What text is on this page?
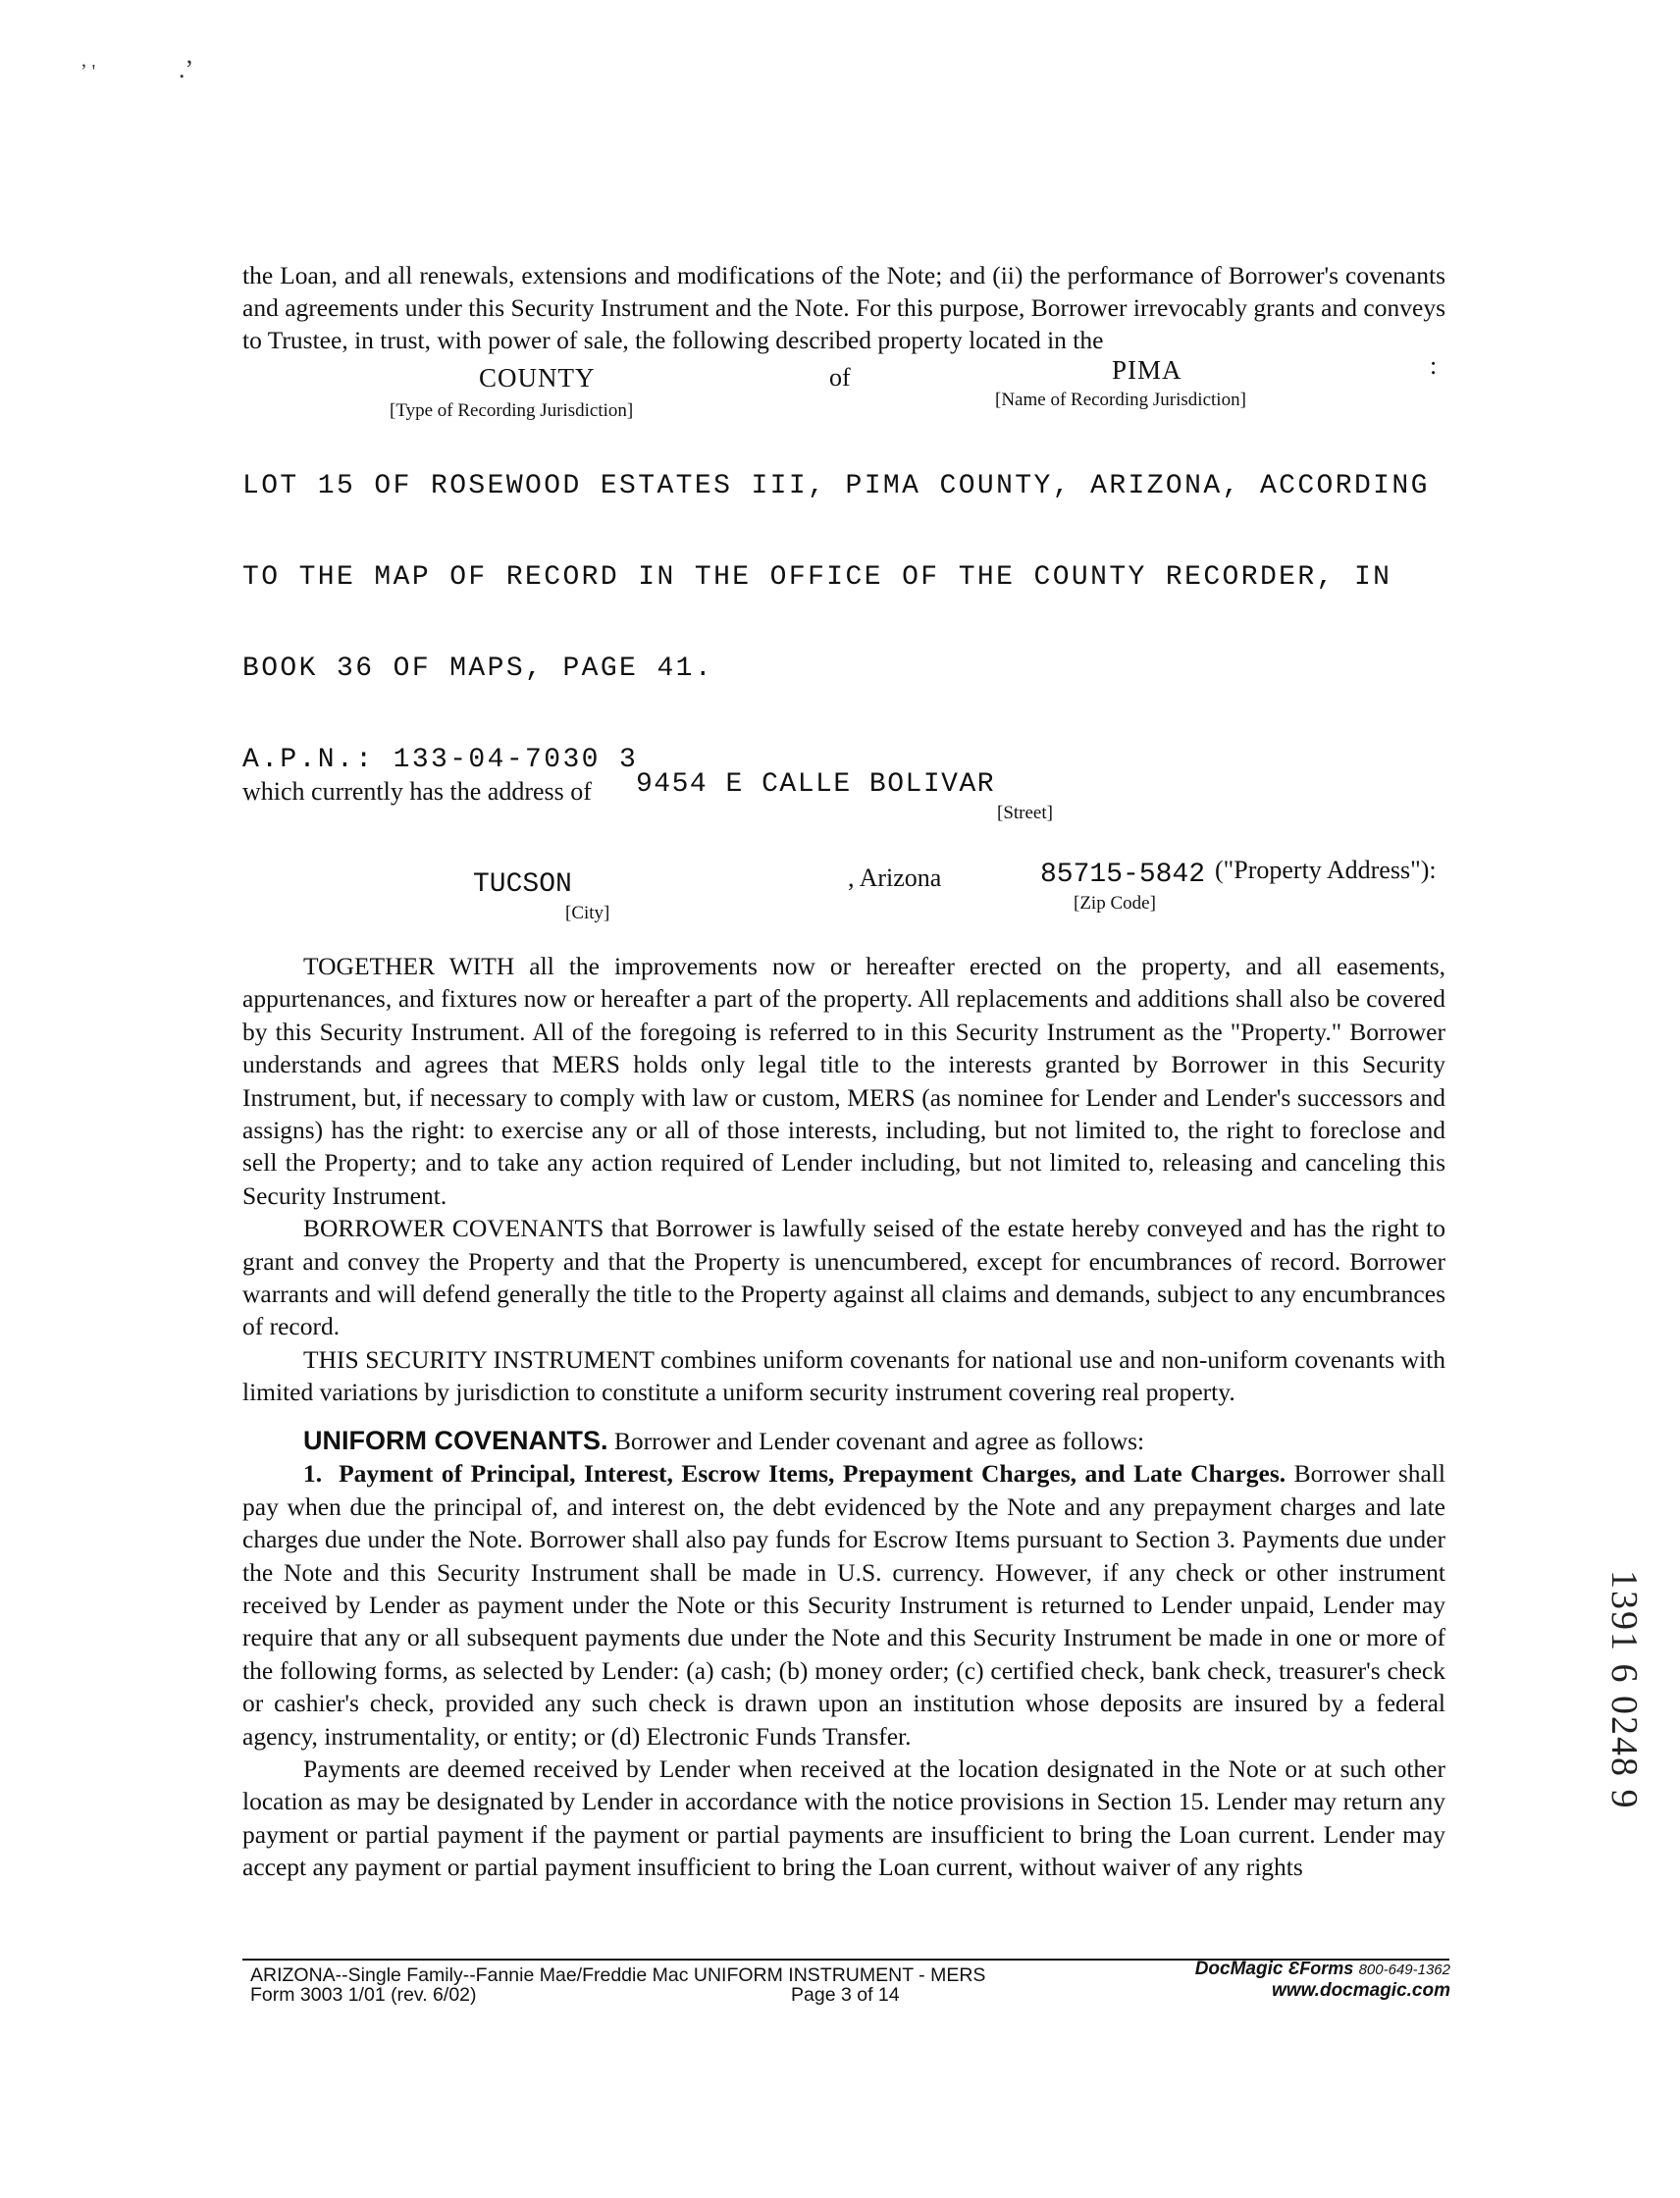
ʼ '	.ʼ

the Loan, and all renewals, extensions and modifications of the Note; and (ii) the performance of Borrower's covenants and agreements under this Security Instrument and the Note. For this purpose, Borrower irrevocably grants and conveys to Trustee, in trust, with power of sale, the following described property located in the

COUNTY	of	PIMA	:
[Type of Recording Jurisdiction]
[Name of Recording Jurisdiction]

LOT 15 OF ROSEWOOD ESTATES III, PIMA COUNTY, ARIZONA, ACCORDING

TO THE MAP OF RECORD IN THE OFFICE OF THE COUNTY RECORDER, IN

BOOK 36 OF MAPS, PAGE 41.

A.P.N.: 133-04-7030 3

which currently has the address of 9454 E CALLE BOLIVAR
[Street]
TUCSON
[City]
, Arizona	85715-5842
[Zip Code]
("Property Address"):

TOGETHER WITH all the improvements now or hereafter erected on the property, and all easements, appurtenances, and fixtures now or hereafter a part of the property. All replacements and additions shall also be covered by this Security Instrument. All of the foregoing is referred to in this Security Instrument as the "Property." Borrower understands and agrees that MERS holds only legal title to the interests granted by Borrower in this Security Instrument, but, if necessary to comply with law or custom, MERS (as nominee for Lender and Lender's successors and assigns) has the right: to exercise any or all of those interests, including, but not limited to, the right to foreclose and sell the Property; and to take any action required of Lender including, but not limited to, releasing and canceling this Security Instrument.

BORROWER COVENANTS that Borrower is lawfully seised of the estate hereby conveyed and has the right to grant and convey the Property and that the Property is unencumbered, except for encumbrances of record. Borrower warrants and will defend generally the title to the Property against all claims and demands, subject to any encumbrances of record.

THIS SECURITY INSTRUMENT combines uniform covenants for national use and non-uniform covenants with limited variations by jurisdiction to constitute a uniform security instrument covering real property.

UNIFORM COVENANTS. Borrower and Lender covenant and agree as follows:

1. Payment of Principal, Interest, Escrow Items, Prepayment Charges, and Late Charges. Borrower shall pay when due the principal of, and interest on, the debt evidenced by the Note and any prepayment charges and late charges due under the Note. Borrower shall also pay funds for Escrow Items pursuant to Section 3. Payments due under the Note and this Security Instrument shall be made in U.S. currency. However, if any check or other instrument received by Lender as payment under the Note or this Security Instrument is returned to Lender unpaid, Lender may require that any or all subsequent payments due under the Note and this Security Instrument be made in one or more of the following forms, as selected by Lender: (a) cash; (b) money order; (c) certified check, bank check, treasurer's check or cashier's check, provided any such check is drawn upon an institution whose deposits are insured by a federal agency, instrumentality, or entity; or (d) Electronic Funds Transfer.

Payments are deemed received by Lender when received at the location designated in the Note or at such other location as may be designated by Lender in accordance with the notice provisions in Section 15. Lender may return any payment or partial payment if the payment or partial payments are insufficient to bring the Loan current. Lender may accept any payment or partial payment insufficient to bring the Loan current, without waiver of any rights

1391 6 0248 9
ARIZONA--Single Family--Fannie Mae/Freddie Mac UNIFORM INSTRUMENT - MERS
Form 3003 1/01 (rev. 6/02)	Page 3 of 14
DocMagic ƐForms 800-649-1362
www.docmagic.com
